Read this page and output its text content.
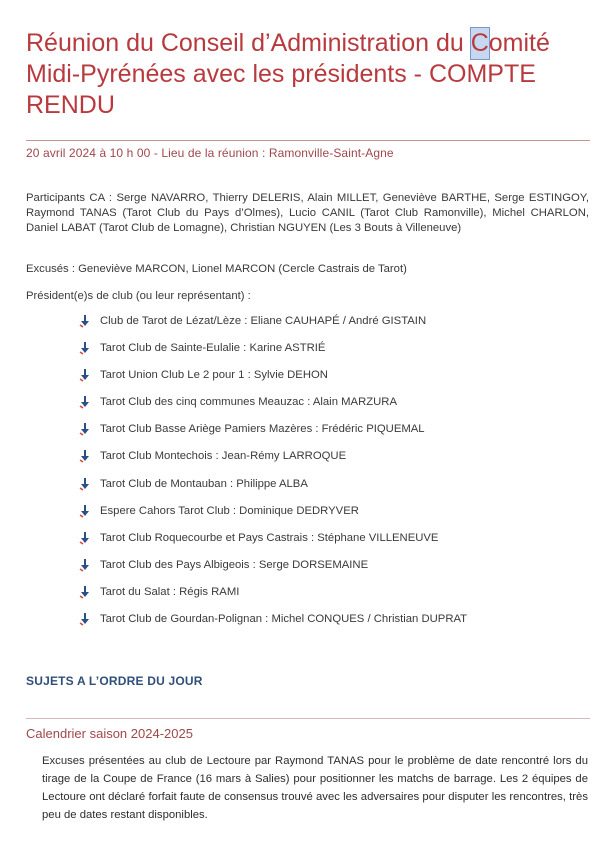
Réunion du Conseil d’Administration du Comité Midi-Pyrénées avec les présidents - COMPTE RENDU
20 avril 2024 à 10 h 00 - Lieu de la réunion : Ramonville-Saint-Agne
Participants CA : Serge NAVARRO, Thierry DELERIS, Alain MILLET, Geneviève BARTHE, Serge ESTINGOY, Raymond TANAS (Tarot Club du Pays d’Olmes), Lucio CANIL (Tarot Club Ramonville), Michel CHARLON, Daniel LABAT (Tarot Club de Lomagne), Christian NGUYEN (Les 3 Bouts à Villeneuve)
Excusés : Geneviève MARCON, Lionel MARCON (Cercle Castrais de Tarot)
Président(e)s de club (ou leur représentant) :
Club de Tarot de Lézat/Lèze : Eliane CAUHAPÉ / André GISTAIN
Tarot Club de Sainte-Eulalie : Karine ASTRIÉ
Tarot Union Club Le 2 pour 1 : Sylvie DEHON
Tarot Club des cinq communes Meauzac : Alain MARZURA
Tarot Club Basse Ariège Pamiers Mazères : Frédéric PIQUEMAL
Tarot Club Montechois : Jean-Rémy LARROQUE
Tarot Club de Montauban : Philippe ALBA
Espere Cahors Tarot Club : Dominique DEDRYVER
Tarot Club Roquecourbe et Pays Castrais : Stéphane VILLENEUVE
Tarot Club des Pays Albigeois : Serge DORSEMAINE
Tarot du Salat : Régis RAMI
Tarot Club de Gourdan-Polignan : Michel CONQUES / Christian DUPRAT
SUJETS A L’ORDRE DU JOUR
Calendrier saison 2024-2025
Excuses présentées au club de Lectoure par Raymond TANAS pour le problème de date rencontré lors du tirage de la Coupe de France (16 mars à Salies) pour positionner les matchs de barrage. Les 2 équipes de Lectoure ont déclaré forfait faute de consensus trouvé avec les adversaires pour disputer les rencontres, très peu de dates restant disponibles.
